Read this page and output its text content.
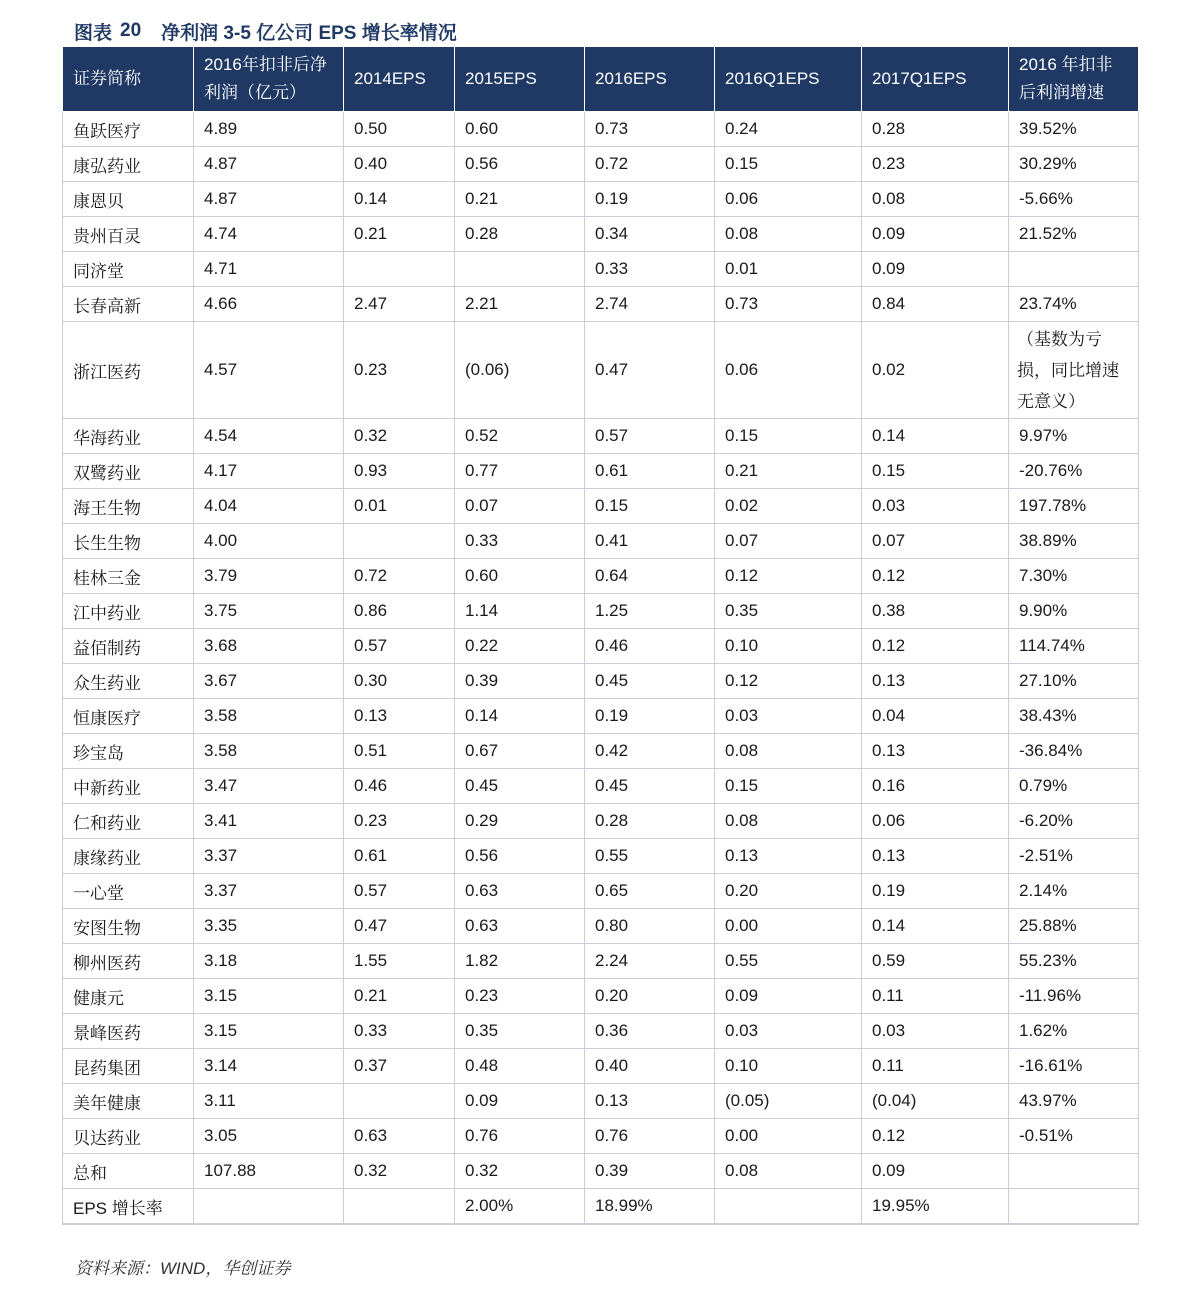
图表 20 净利润 3-5 亿公司 EPS 增长率情况
证券简称	2016年扣非后净利润（亿元）	2014EPS	2015EPS	2016EPS	2016Q1EPS	2017Q1EPS	2016 年扣非后利润增速
鱼跃医疗	4.89	0.50	0.60	0.73	0.24	0.28	39.52%
康弘药业	4.87	0.40	0.56	0.72	0.15	0.23	30.29%
康恩贝	4.87	0.14	0.21	0.19	0.06	0.08	-5.66%
贵州百灵	4.74	0.21	0.28	0.34	0.08	0.09	21.52%
同济堂	4.71			0.33	0.01	0.09	
长春高新	4.66	2.47	2.21	2.74	0.73	0.84	23.74%
浙江医药	4.57	0.23	(0.06)	0.47	0.06	0.02	（基数为亏损，同比增速无意义）
华海药业	4.54	0.32	0.52	0.57	0.15	0.14	9.97%
双鹭药业	4.17	0.93	0.77	0.61	0.21	0.15	-20.76%
海王生物	4.04	0.01	0.07	0.15	0.02	0.03	197.78%
长生生物	4.00		0.33	0.41	0.07	0.07	38.89%
桂林三金	3.79	0.72	0.60	0.64	0.12	0.12	7.30%
江中药业	3.75	0.86	1.14	1.25	0.35	0.38	9.90%
益佰制药	3.68	0.57	0.22	0.46	0.10	0.12	114.74%
众生药业	3.67	0.30	0.39	0.45	0.12	0.13	27.10%
恒康医疗	3.58	0.13	0.14	0.19	0.03	0.04	38.43%
珍宝岛	3.58	0.51	0.67	0.42	0.08	0.13	-36.84%
中新药业	3.47	0.46	0.45	0.45	0.15	0.16	0.79%
仁和药业	3.41	0.23	0.29	0.28	0.08	0.06	-6.20%
康缘药业	3.37	0.61	0.56	0.55	0.13	0.13	-2.51%
一心堂	3.37	0.57	0.63	0.65	0.20	0.19	2.14%
安图生物	3.35	0.47	0.63	0.80	0.00	0.14	25.88%
柳州医药	3.18	1.55	1.82	2.24	0.55	0.59	55.23%
健康元	3.15	0.21	0.23	0.20	0.09	0.11	-11.96%
景峰医药	3.15	0.33	0.35	0.36	0.03	0.03	1.62%
昆药集团	3.14	0.37	0.48	0.40	0.10	0.11	-16.61%
美年健康	3.11		0.09	0.13	(0.05)	(0.04)	43.97%
贝达药业	3.05	0.63	0.76	0.76	0.00	0.12	-0.51%
总和	107.88	0.32	0.32	0.39	0.08	0.09	
EPS 增长率			2.00%	18.99%		19.95%	
资料来源：WIND，华创证券
